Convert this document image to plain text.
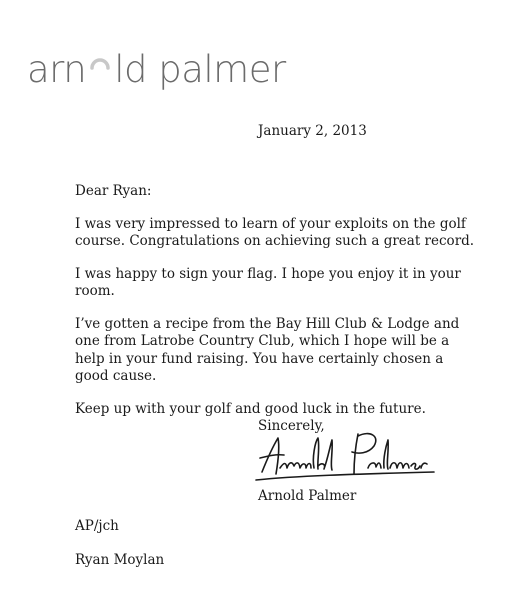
arn ld palmer
January 2, 2013

Dear Ryan:

I was very impressed to learn of your exploits on the golf course. Congratulations on achieving such a great record.

I was happy to sign your flag. I hope you enjoy it in your room.

I’ve gotten a recipe from the Bay Hill Club & Lodge and one from Latrobe Country Club, which I hope will be a help in your fund raising. You have certainly chosen a good cause.

Keep up with your golf and good luck in the future.

Sincerely,
Arnold Palmer
AP/jch
Ryan Moylan
